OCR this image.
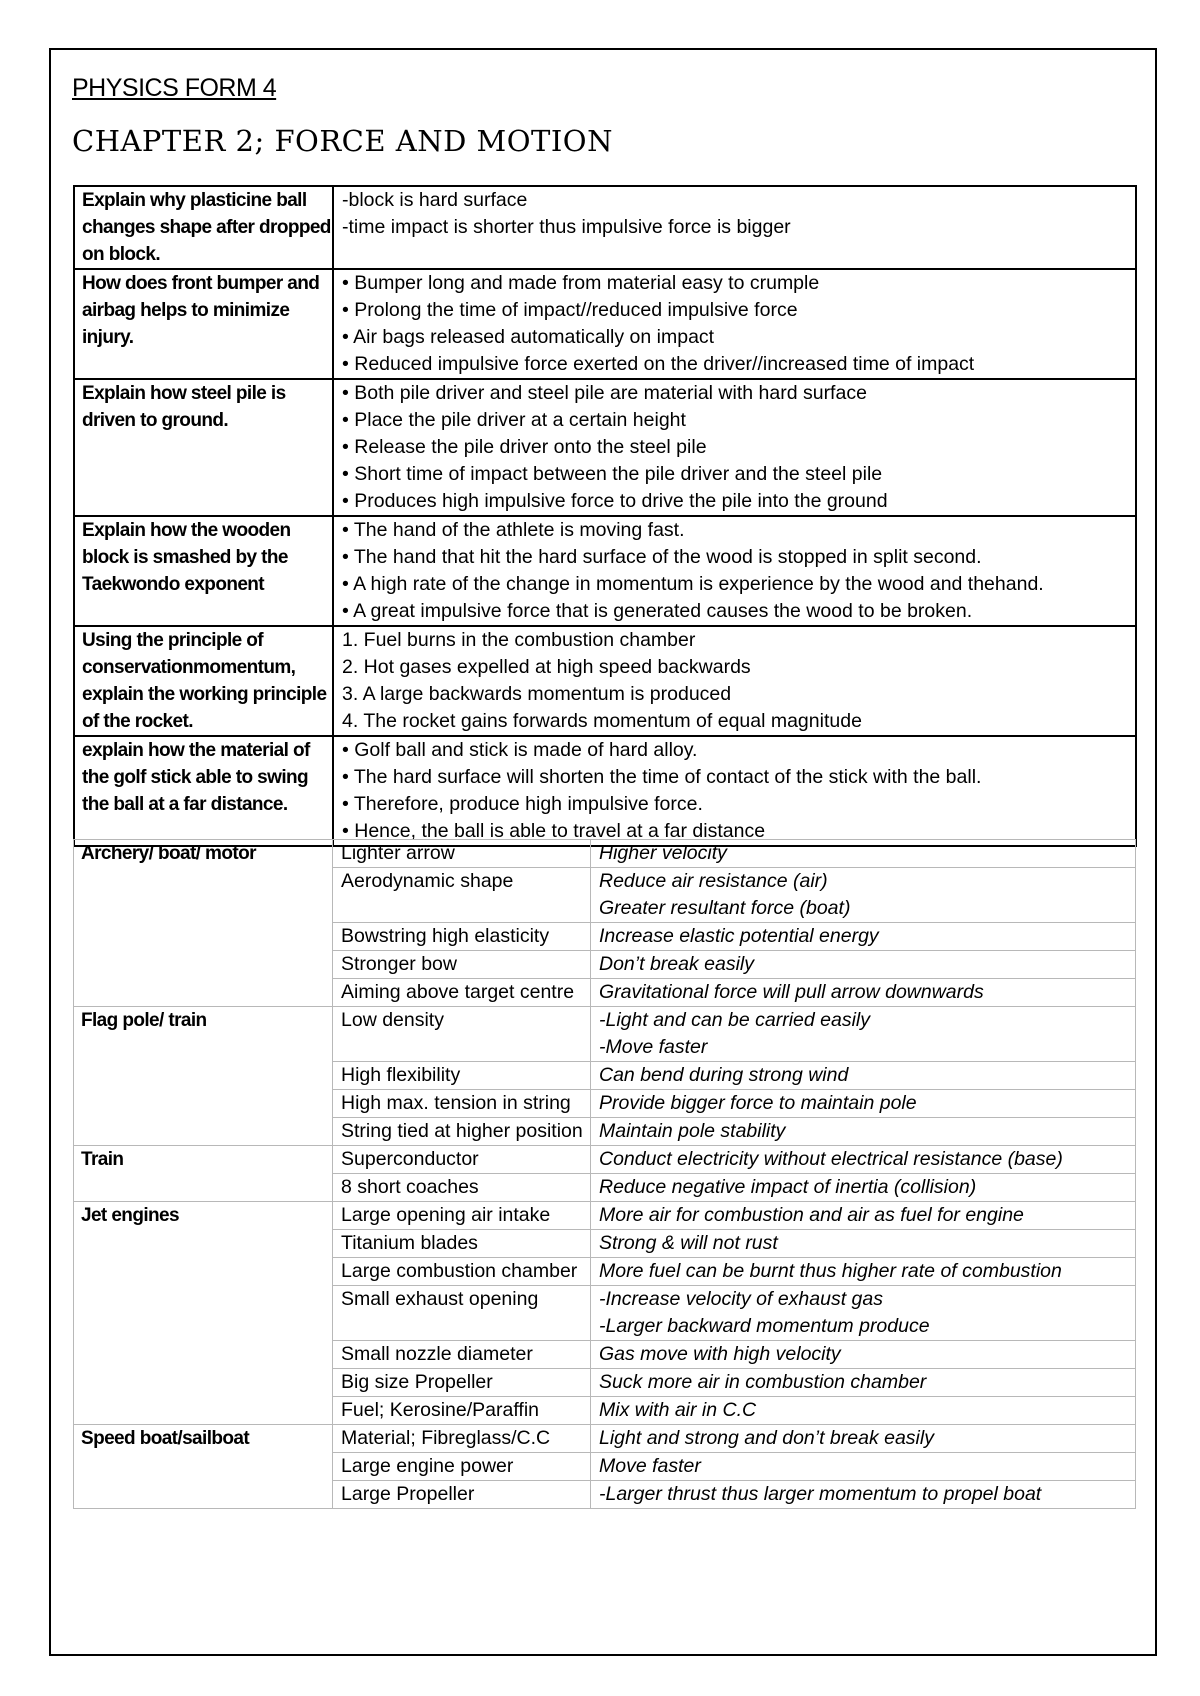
PHYSICS FORM 4
CHAPTER 2; FORCE AND MOTION
Explain why plasticine ball changes shape after dropped on block.	-block is hard surface
-time impact is shorter thus impulsive force is bigger

How does front bumper and airbag helps to minimize injury.	• Bumper long and made from material easy to crumple
• Prolong the time of impact//reduced impulsive force
• Air bags released automatically on impact
• Reduced impulsive force exerted on the driver//increased time of impact

Explain how steel pile is driven to ground.	• Both pile driver and steel pile are material with hard surface
• Place the pile driver at a certain height
• Release the pile driver onto the steel pile
• Short time of impact between the pile driver and the steel pile
• Produces high impulsive force to drive the pile into the ground

Explain how the wooden block is smashed by the Taekwondo exponent	• The hand of the athlete is moving fast.
• The hand that hit the hard surface of the wood is stopped in split second.
• A high rate of the change in momentum is experience by the wood and thehand.
• A great impulsive force that is generated causes the wood to be broken.

Using the principle of conservationmomentum, explain the working principle of the rocket.	1. Fuel burns in the combustion chamber
2. Hot gases expelled at high speed backwards
3. A large backwards momentum is produced
4. The rocket gains forwards momentum of equal magnitude

explain how the material of the golf stick able to swing the ball at a far distance.	• Golf ball and stick is made of hard alloy.
• The hard surface will shorten the time of contact of the stick with the ball.
• Therefore, produce high impulsive force.
• Hence, the ball is able to travel at a far distance
Archery/ boat/ motor	Lighter arrow	Higher velocity

	Aerodynamic shape	Reduce air resistance (air)
Greater resultant force (boat)

	Bowstring high elasticity	Increase elastic potential energy

	Stronger bow	Don’t break easily

	Aiming above target centre	Gravitational force will pull arrow downwards

Flag pole/ train	Low density	-Light and can be carried easily
-Move faster

	High flexibility	Can bend during strong wind

	High max. tension in string	Provide bigger force to maintain pole

	String tied at higher position	Maintain pole stability

Train	Superconductor	Conduct electricity without electrical resistance (base)

	8 short coaches	Reduce negative impact of inertia (collision)

Jet engines	Large opening air intake	More air for combustion and air as fuel for engine

	Titanium blades	Strong & will not rust

	Large combustion chamber	More fuel can be burnt thus higher rate of combustion

	Small exhaust opening	-Increase velocity of exhaust gas
-Larger backward momentum produce

	Small nozzle diameter	Gas move with high velocity

	Big size Propeller	Suck more air in combustion chamber

	Fuel; Kerosine/Paraffin	Mix with air in C.C

Speed boat/sailboat	Material; Fibreglass/C.C	Light and strong and don’t break easily

	Large engine power	Move faster

	Large Propeller	-Larger thrust thus larger momentum to propel boat
